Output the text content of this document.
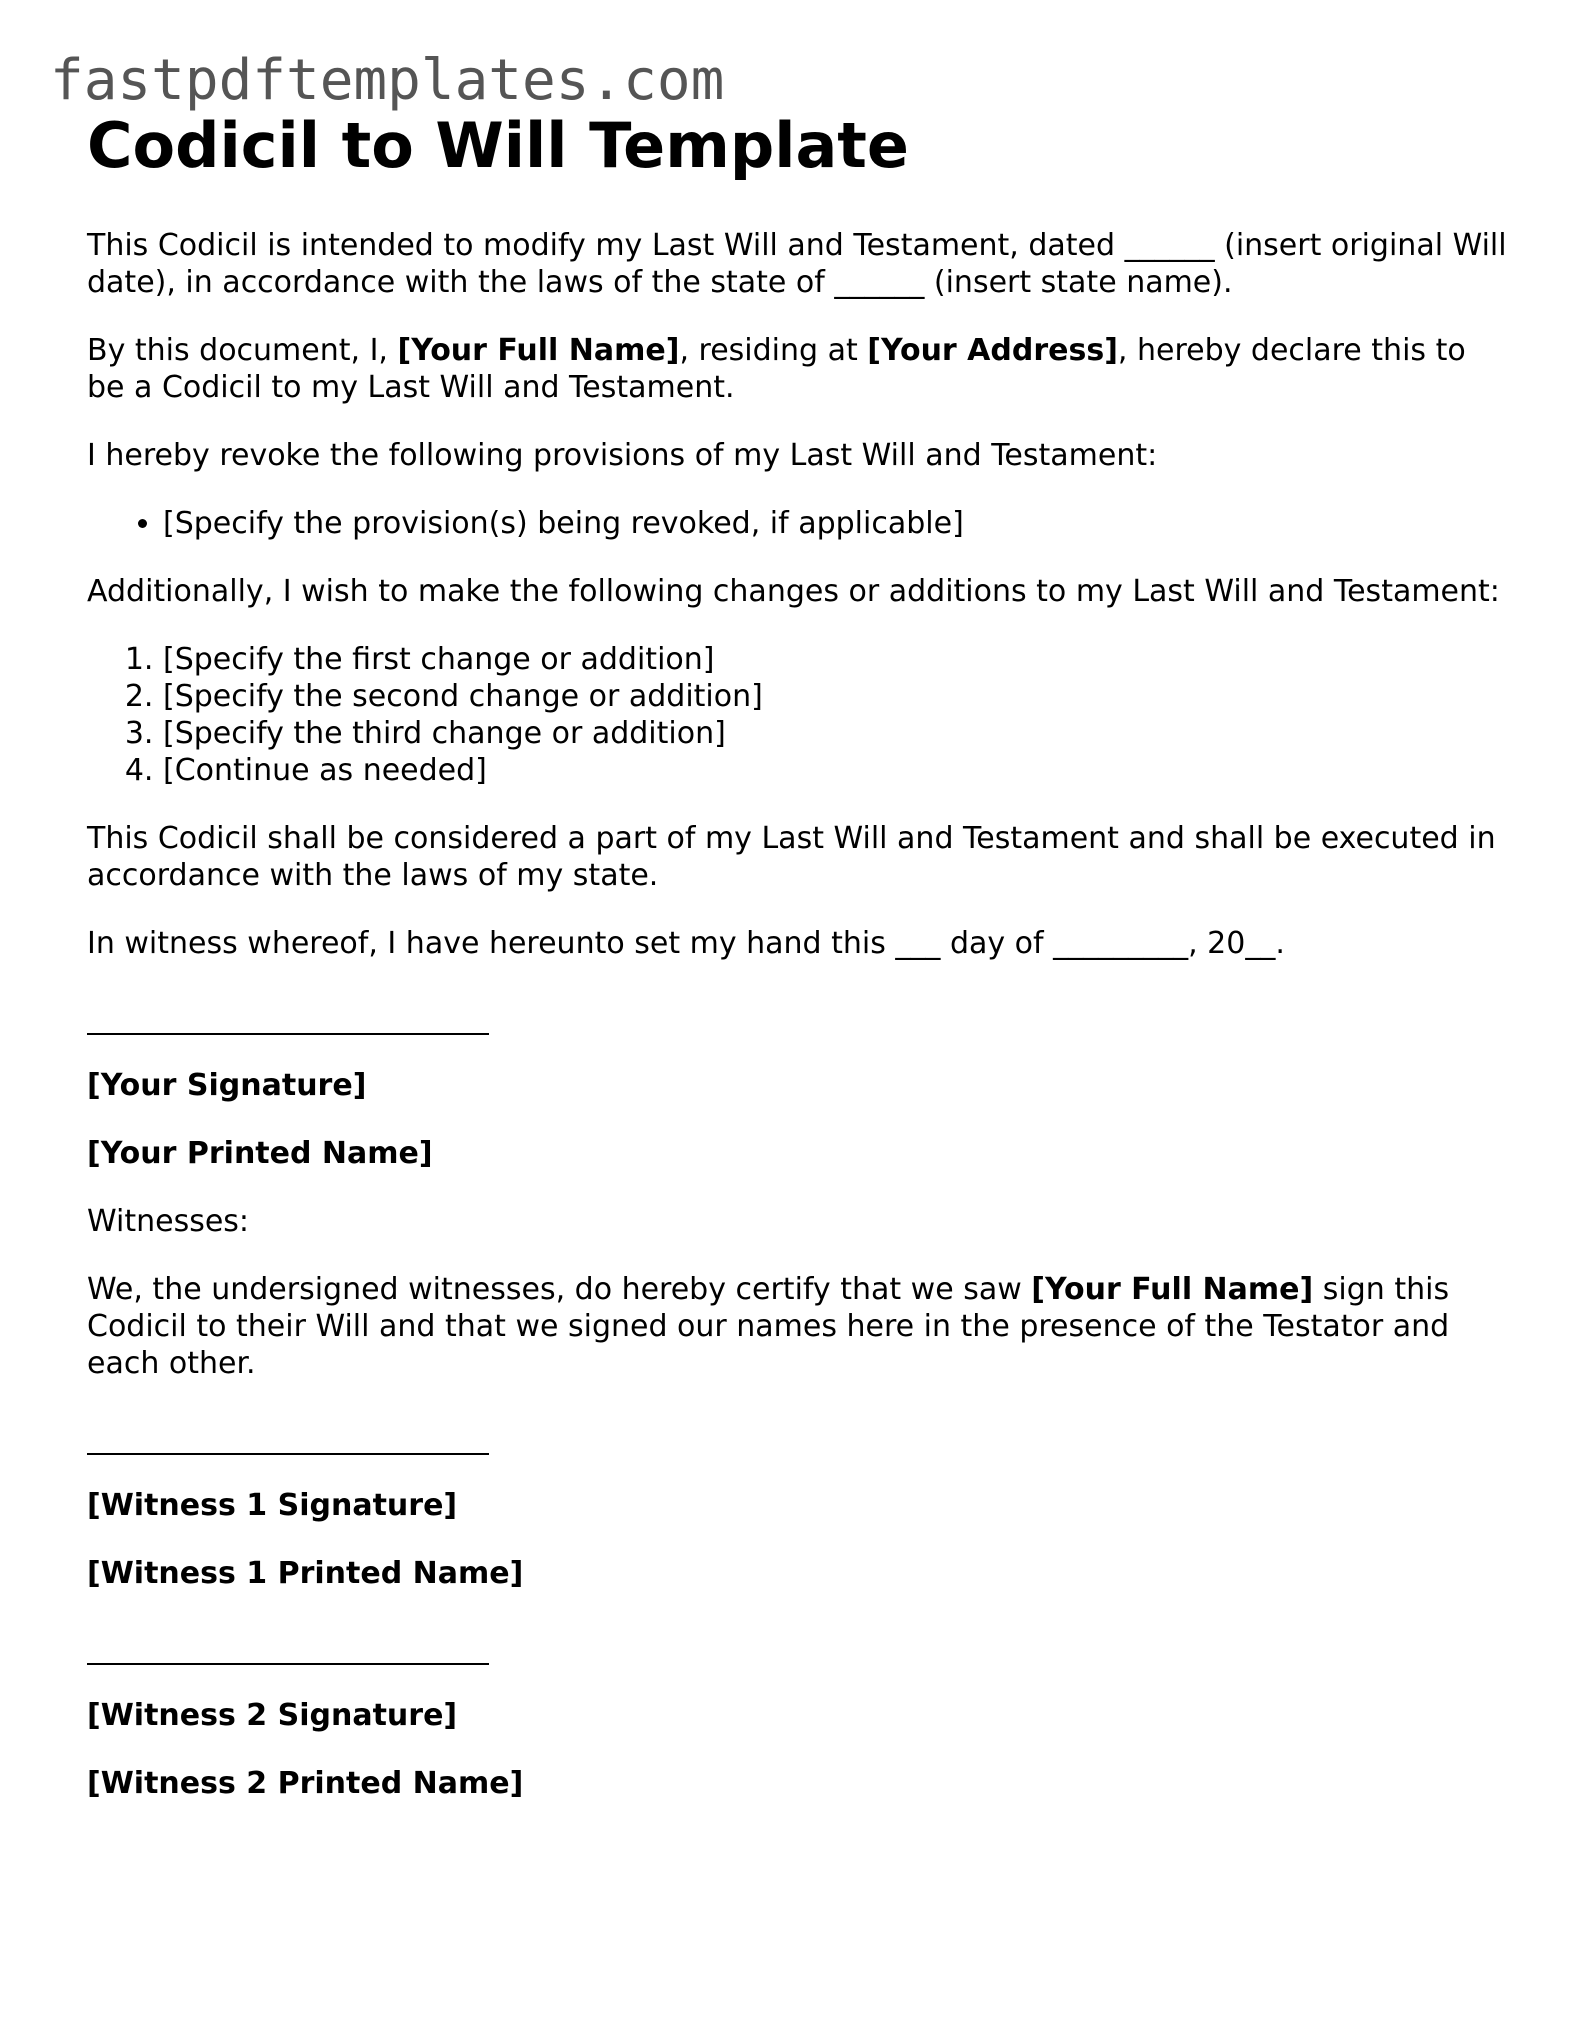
fastpdftemplates.com
Codicil to Will Template

This Codicil is intended to modify my Last Will and Testament, dated ______ (insert original Will date), in accordance with the laws of the state of ______ (insert state name).

By this document, I, [Your Full Name], residing at [Your Address], hereby declare this to be a Codicil to my Last Will and Testament.

I hereby revoke the following provisions of my Last Will and Testament:

• [Specify the provision(s) being revoked, if applicable]

Additionally, I wish to make the following changes or additions to my Last Will and Testament:

1. [Specify the first change or addition]
2. [Specify the second change or addition]
3. [Specify the third change or addition]
4. [Continue as needed]

This Codicil shall be considered a part of my Last Will and Testament and shall be executed in accordance with the laws of my state.

In witness whereof, I have hereunto set my hand this ___ day of _________, 20__.

[Your Signature]

[Your Printed Name]

Witnesses:

We, the undersigned witnesses, do hereby certify that we saw [Your Full Name] sign this Codicil to their Will and that we signed our names here in the presence of the Testator and each other.

[Witness 1 Signature]

[Witness 1 Printed Name]

[Witness 2 Signature]

[Witness 2 Printed Name]
